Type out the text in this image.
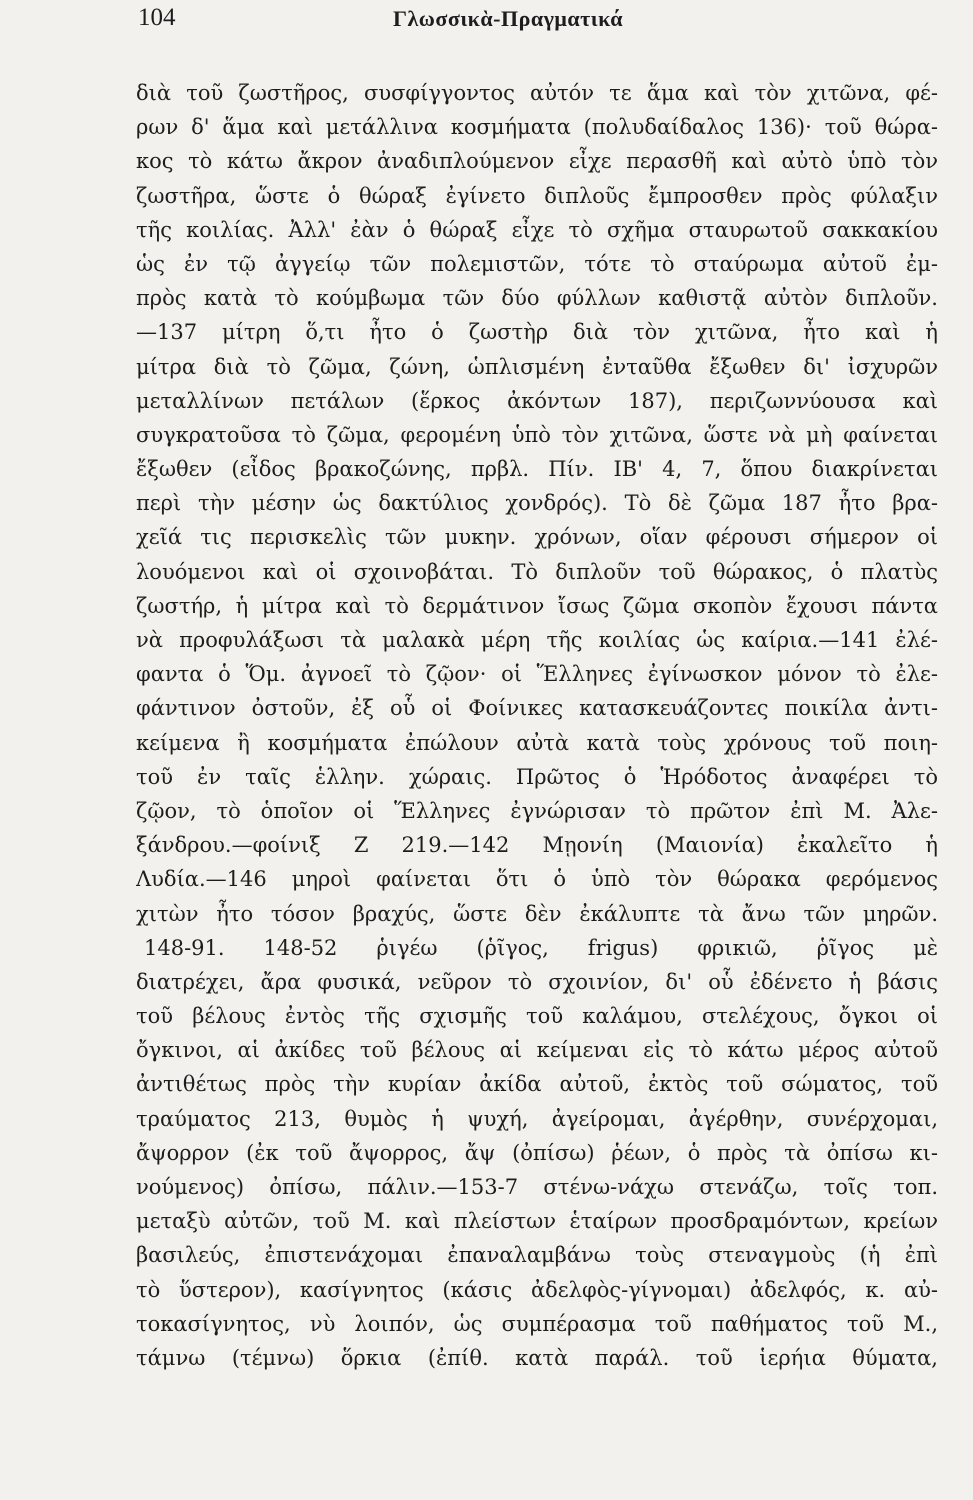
104	Γλωσσικὰ-Πραγματικά
διὰ τοῦ ζωστῆρος, συσφίγγοντος αὐτόν τε ἅμα καὶ τὸν χιτῶνα, φέ-
ρων δ' ἅμα καὶ μετάλλινα κοσμήματα (πολυδαίδαλος 136)· τοῦ θώρα-
κος τὸ κάτω ἄκρον ἀναδιπλούμενον εἶχε περασθῆ καὶ αὐτὸ ὑπὸ τὸν
ζωστῆρα, ὥστε ὁ θώραξ ἐγίνετο διπλοῦς ἔμπροσθεν πρὸς φύλαξιν
τῆς κοιλίας. Ἀλλ' ἐὰν ὁ θώραξ εἶχε τὸ σχῆμα σταυρωτοῦ σακκακίου
ὡς ἐν τῷ ἀγγείῳ τῶν πολεμιστῶν, τότε τὸ σταύρωμα αὐτοῦ ἐμ-
πρὸς κατὰ τὸ κούμβωμα τῶν δύο φύλλων καθιστᾷ αὐτὸν διπλοῦν.
—137 μίτρη ὅ,τι ἦτο ὁ ζωστὴρ διὰ τὸν χιτῶνα, ἦτο καὶ ἡ
μίτρα διὰ τὸ ζῶμα, ζώνη, ὡπλισμένη ἐνταῦθα ἔξωθεν δι' ἰσχυρῶν
μεταλλίνων πετάλων (ἕρκος ἀκόντων 187), περιζωννύουσα καὶ
συγκρατοῦσα τὸ ζῶμα, φερομένη ὑπὸ τὸν χιτῶνα, ὥστε νὰ μὴ φαίνεται
ἔξωθεν (εἶδος βρακοζώνης, πρβλ. Πίν. ΙΒ' 4, 7, ὅπου διακρίνεται
περὶ τὴν μέσην ὡς δακτύλιος χονδρός). Τὸ δὲ ζῶμα 187 ἦτο βρα-
χεῖά τις περισκελὶς τῶν μυκην. χρόνων, οἵαν φέρουσι σήμερον οἱ
λουόμενοι καὶ οἱ σχοινοβάται. Τὸ διπλοῦν τοῦ θώρακος, ὁ πλατὺς
ζωστήρ, ἡ μίτρα καὶ τὸ δερμάτινον ἴσως ζῶμα σκοπὸν ἔχουσι πάντα
νὰ προφυλάξωσι τὰ μαλακὰ μέρη τῆς κοιλίας ὡς καίρια.—141 ἐλέ-
φαντα ὁ Ὅμ. ἀγνοεῖ τὸ ζῷον· οἱ Ἕλληνες ἐγίνωσκον μόνον τὸ ἐλε-
φάντινον ὀστοῦν, ἐξ οὗ οἱ Φοίνικες κατασκευάζοντες ποικίλα ἀντι-
κείμενα ἢ κοσμήματα ἐπώλουν αὐτὰ κατὰ τοὺς χρόνους τοῦ ποιη-
τοῦ ἐν ταῖς ἑλλην. χώραις. Πρῶτος ὁ Ἡρόδοτος ἀναφέρει τὸ
ζῷον, τὸ ὁποῖον οἱ Ἕλληνες ἐγνώρισαν τὸ πρῶτον ἐπὶ Μ. Ἀλε-
ξάνδρου.—φοίνιξ Ζ 219.—142 Μῃονίη (Μαιονία) ἐκαλεῖτο ἡ
Λυδία.—146 μηροὶ φαίνεται ὅτι ὁ ὑπὸ τὸν θώρακα φερόμενος
χιτὼν ἦτο τόσον βραχύς, ὥστε δὲν ἐκάλυπτε τὰ ἄνω τῶν μηρῶν.
148-91. 148-52 ῥιγέω (ῥῖγος, frigus) φρικιῶ, ῥῖγος μὲ
διατρέχει, ἄρα φυσικά, νεῦρον τὸ σχοινίον, δι' οὗ ἐδένετο ἡ βάσις
τοῦ βέλους ἐντὸς τῆς σχισμῆς τοῦ καλάμου, στελέχους, ὄγκοι οἱ
ὄγκινοι, αἱ ἀκίδες τοῦ βέλους αἱ κείμεναι εἰς τὸ κάτω μέρος αὐτοῦ
ἀντιθέτως πρὸς τὴν κυρίαν ἀκίδα αὐτοῦ, ἐκτὸς τοῦ σώματος, τοῦ
τραύματος 213, θυμὸς ἡ ψυχή, ἀγείρομαι, ἀγέρθην, συνέρχομαι,
ἄψορρον (ἐκ τοῦ ἄψορρος, ἄψ (ὀπίσω) ῥέων, ὁ πρὸς τὰ ὀπίσω κι-
νούμενος) ὀπίσω, πάλιν.—153-7 στένω-νάχω στενάζω, τοῖς τοπ.
μεταξὺ αὐτῶν, τοῦ Μ. καὶ πλείστων ἑταίρων προσδραμόντων, κρείων
βασιλεύς, ἐπιστενάχομαι ἐπαναλαμβάνω τοὺς στεναγμοὺς (ἡ ἐπὶ
τὸ ὕστερον), κασίγνητος (κάσις ἀδελφὸς-γίγνομαι) ἀδελφός, κ. αὐ-
τοκασίγνητος, νὺ λοιπόν, ὡς συμπέρασμα τοῦ παθήματος τοῦ Μ.,
τάμνω (τέμνω) ὅρκια (ἐπίθ. κατὰ παράλ. τοῦ ἱερήια θύματα,
